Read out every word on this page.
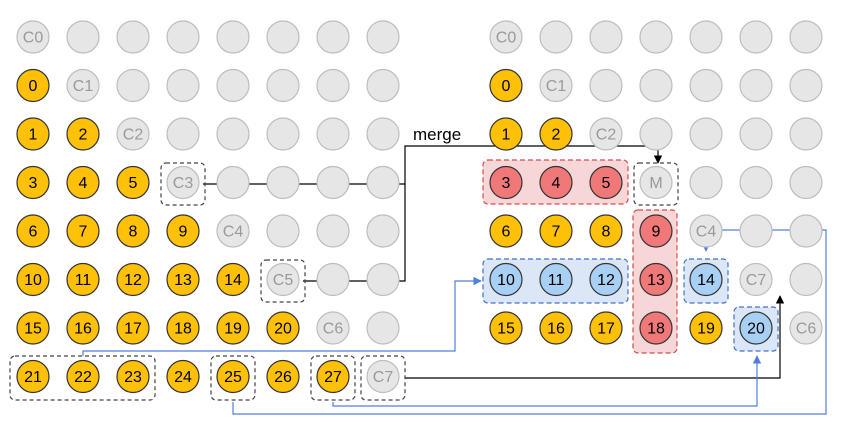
C0
0 C1
1	2 C2
3	4	5 C3
6	7	8	9 C4
10 11 12 13 14 C5
15 16 17 18 19 20 C6
21 22 23 24 25 26 27 C7
C0
0 C1
1	2 C2
3	4	5 M
6	7	8	9 C4
10 11 12 13 14 C7
15 16 17 18 19 20 C6
merge
